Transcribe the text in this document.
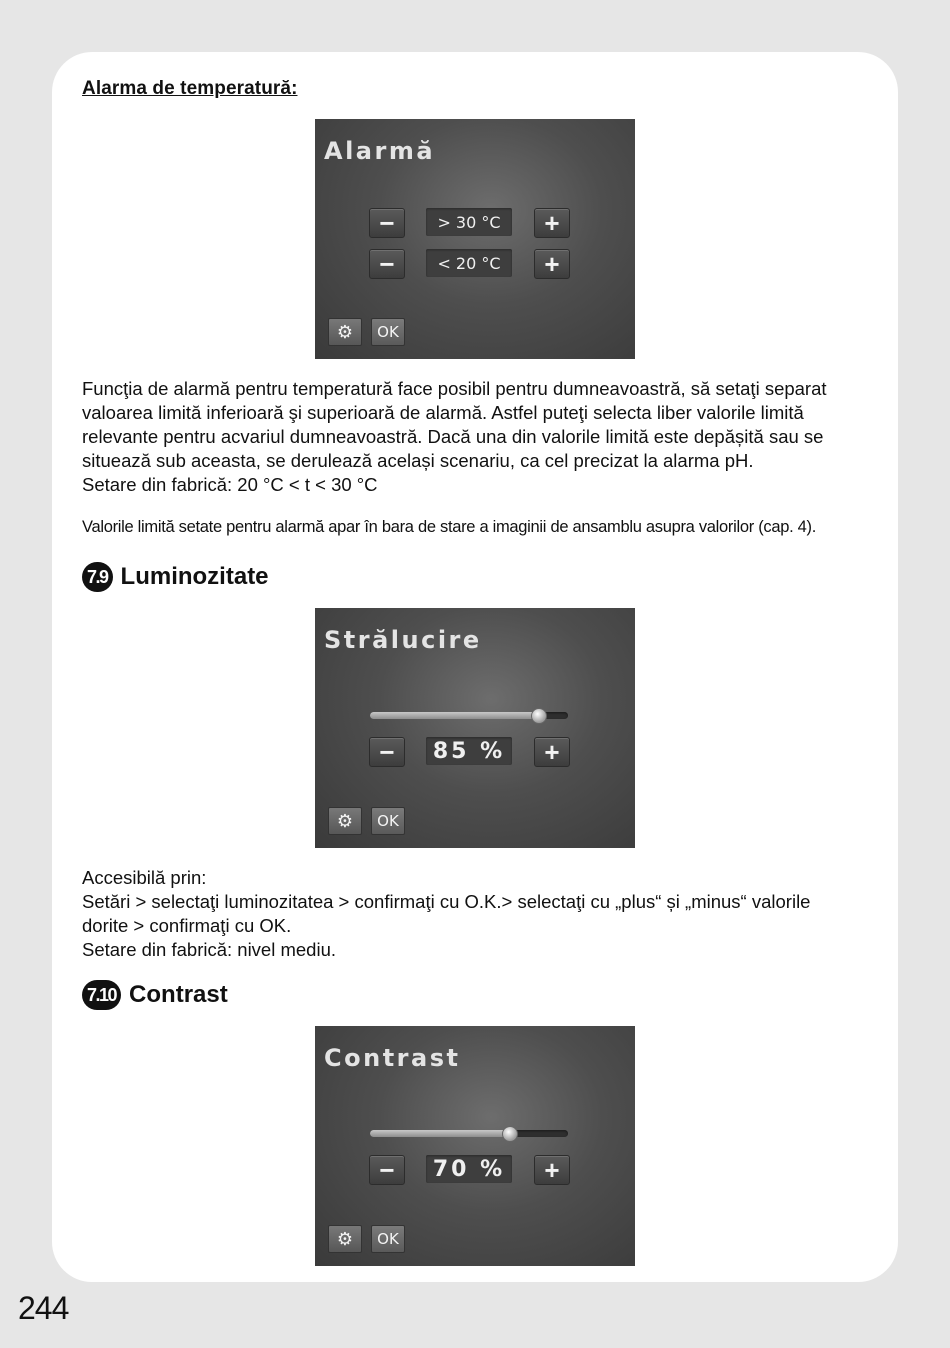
Alarma de temperatură:
Alarmă
−	> 30 °C	+
−	< 20 °C	+
⚙	OK

Funcţia de alarmă pentru temperatură face posibil pentru dumneavoastră, să setaţi separat

valoarea limită inferioară şi superioară de alarmă. Astfel puteţi selecta liber valorile limită

relevante pentru acvariul dumneavoastră. Dacă una din valorile limită este depășită sau se

situează sub aceasta, se derulează același scenariu, ca cel precizat la alarma pH.

Setare din fabrică: 20 °C < t < 30 °C

Valorile limită setate pentru alarmă apar în bara de stare a imaginii de ansamblu asupra valorilor (cap. 4).
7.9 Luminozitate
Strălucire
−	85 %	+
⚙	OK

Accesibilă prin:

Setări > selectaţi luminozitatea > confirmaţi cu O.K.> selectaţi cu „plus“ și „minus“ valorile

dorite > confirmaţi cu OK.

Setare din fabrică: nivel mediu.

7.10 Contrast
Contrast
−	70 %	+
⚙	OK
244
